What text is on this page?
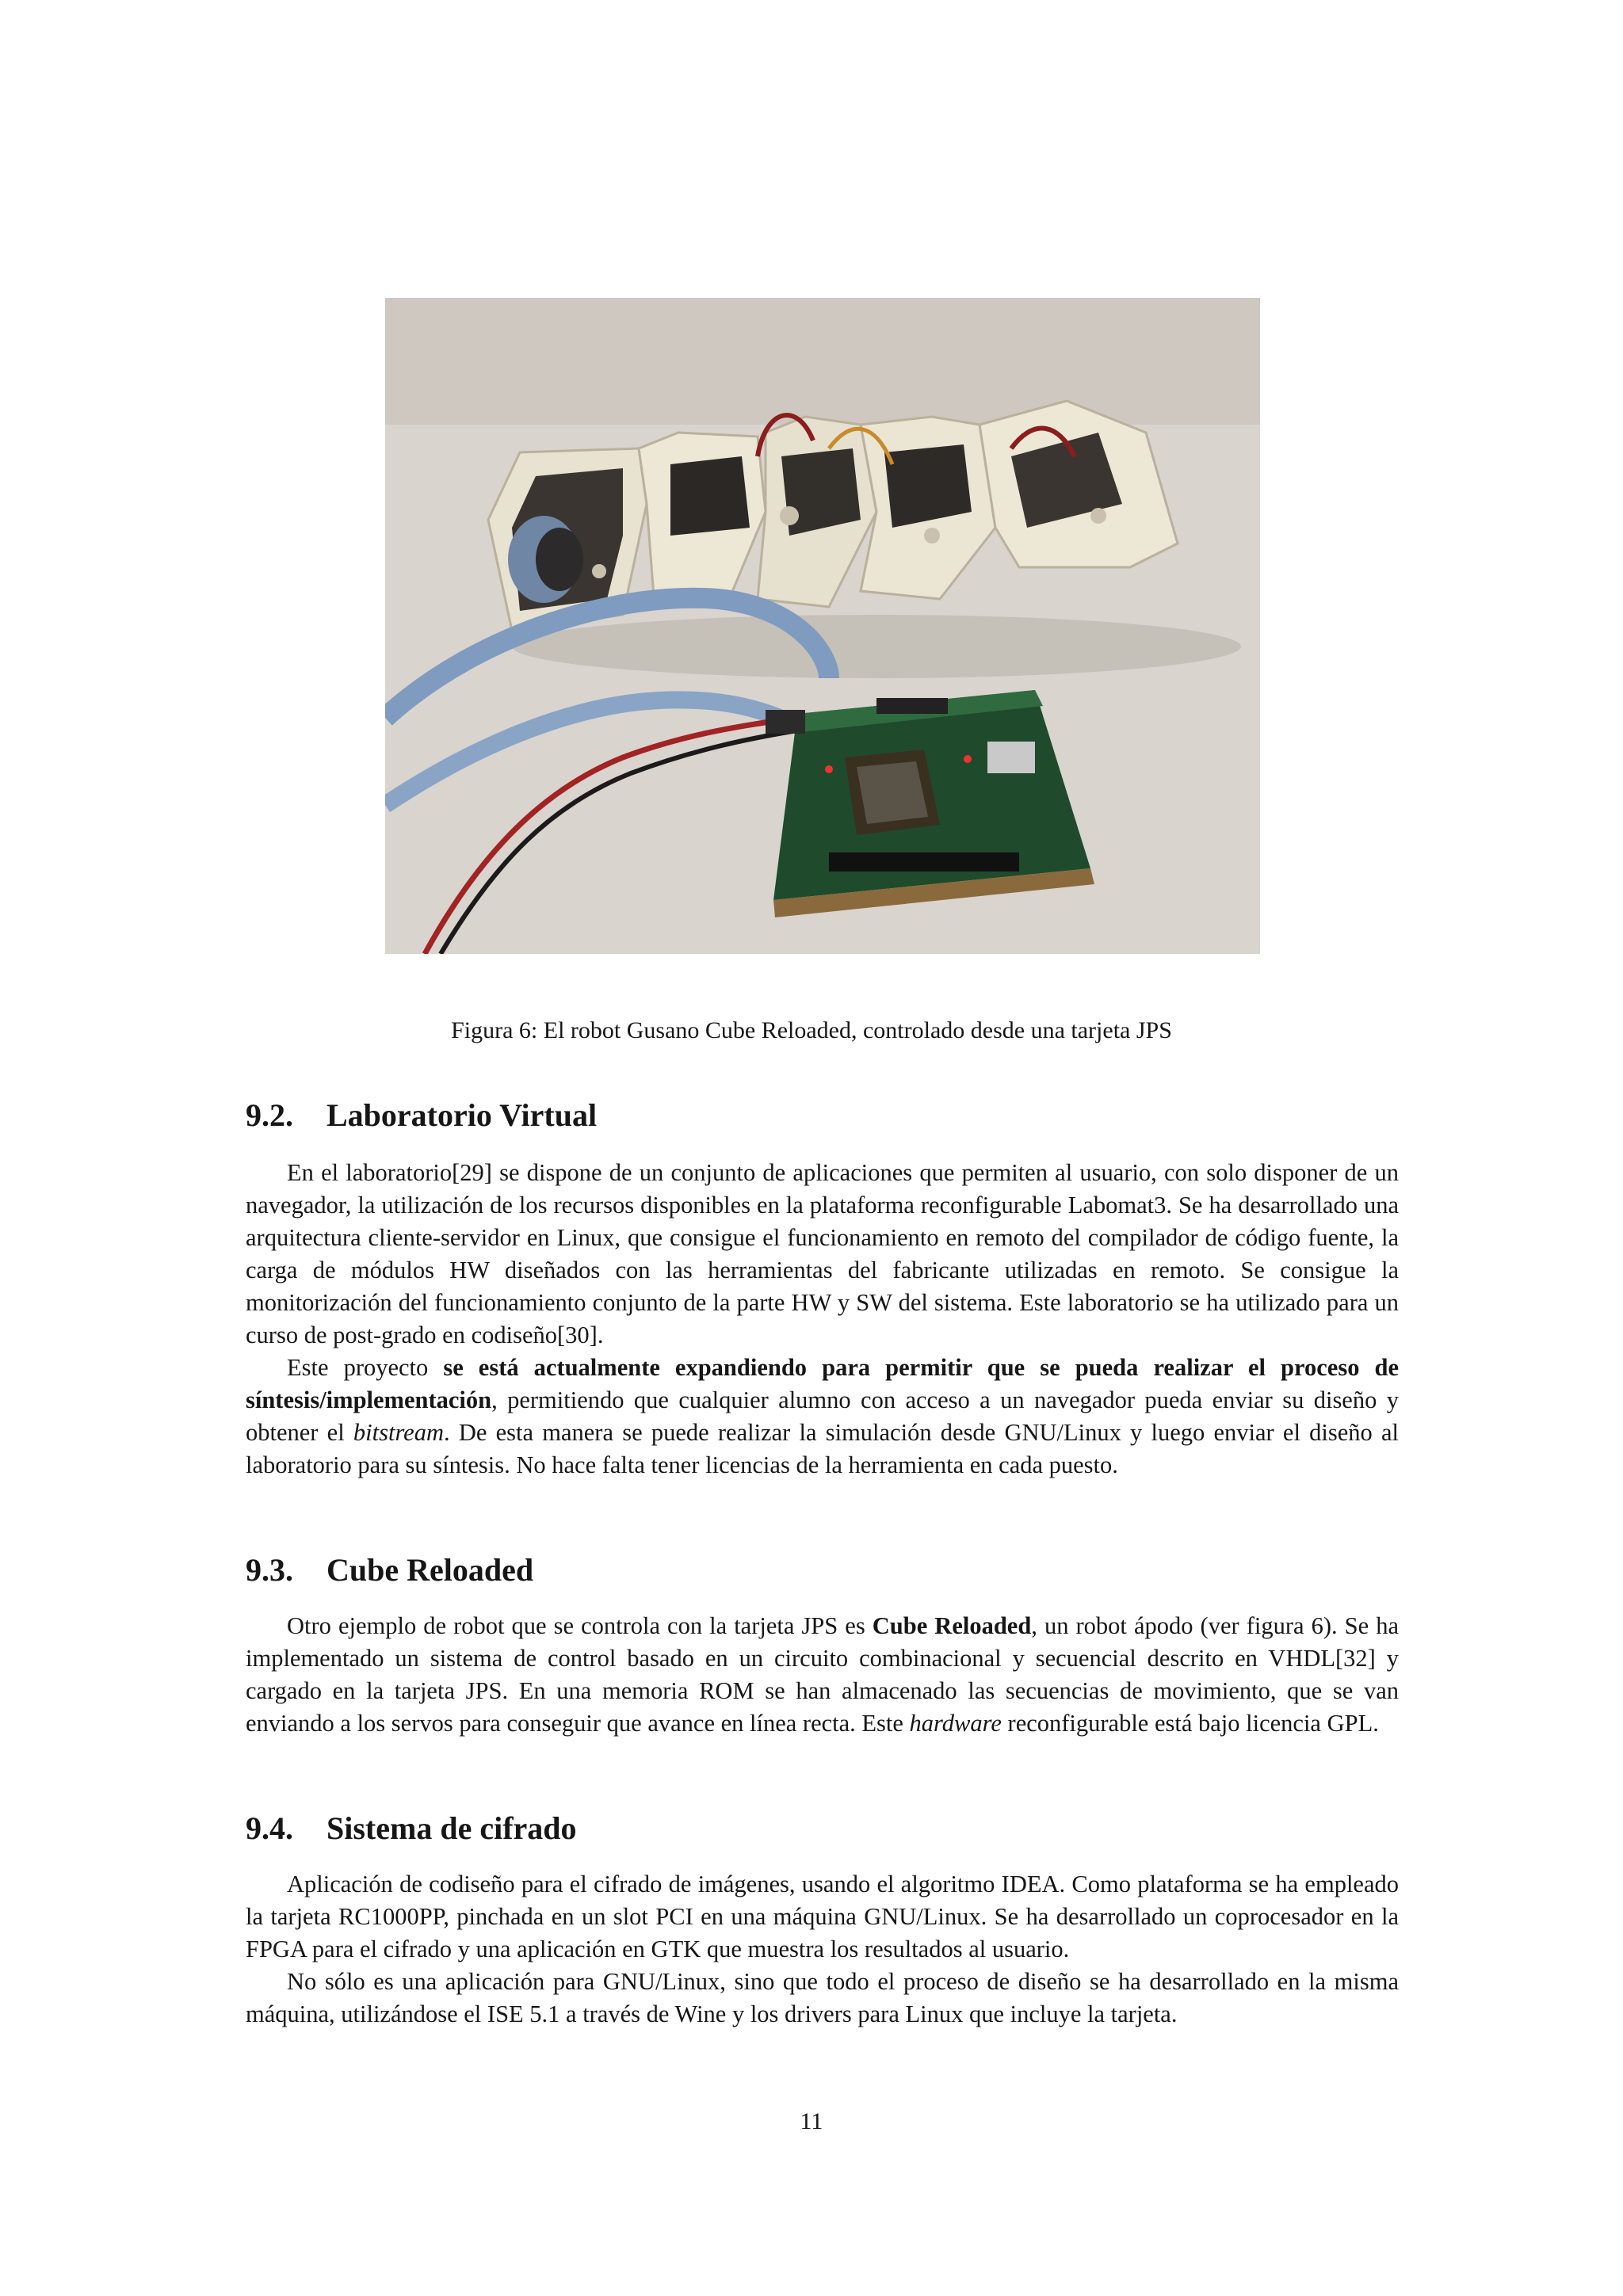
Figura 6: El robot Gusano Cube Reloaded, controlado desde una tarjeta JPS
9.2.	Laboratorio Virtual

En el laboratorio[29] se dispone de un conjunto de aplicaciones que permiten al usuario, con solo disponer de un navegador, la utilización de los recursos disponibles en la plataforma reconfigurable Labomat3. Se ha desarrollado una arquitectura cliente-servidor en Linux, que consigue el funcionamiento en remoto del compilador de código fuente, la carga de módulos HW diseñados con las herramientas del fabricante utilizadas en remoto. Se consigue la monitorización del funcionamiento conjunto de la parte HW y SW del sistema. Este laboratorio se ha utilizado para un curso de post-grado en codiseño[30].

Este proyecto se está actualmente expandiendo para permitir que se pueda realizar el proceso de síntesis/implementación, permitiendo que cualquier alumno con acceso a un navegador pueda enviar su diseño y obtener el bitstream. De esta manera se puede realizar la simulación desde GNU/Linux y luego enviar el diseño al laboratorio para su síntesis. No hace falta tener licencias de la herramienta en cada puesto.

9.3.	Cube Reloaded

Otro ejemplo de robot que se controla con la tarjeta JPS es Cube Reloaded, un robot ápodo (ver figura 6). Se ha implementado un sistema de control basado en un circuito combinacional y secuencial descrito en VHDL[32] y cargado en la tarjeta JPS. En una memoria ROM se han almacenado las secuencias de movimiento, que se van enviando a los servos para conseguir que avance en línea recta. Este hardware reconfigurable está bajo licencia GPL.

9.4.	Sistema de cifrado

Aplicación de codiseño para el cifrado de imágenes, usando el algoritmo IDEA. Como plataforma se ha empleado la tarjeta RC1000PP, pinchada en un slot PCI en una máquina GNU/Linux. Se ha desarrollado un coprocesador en la FPGA para el cifrado y una aplicación en GTK que muestra los resultados al usuario.

No sólo es una aplicación para GNU/Linux, sino que todo el proceso de diseño se ha desarrollado en la misma máquina, utilizándose el ISE 5.1 a través de Wine y los drivers para Linux que incluye la tarjeta.

11
